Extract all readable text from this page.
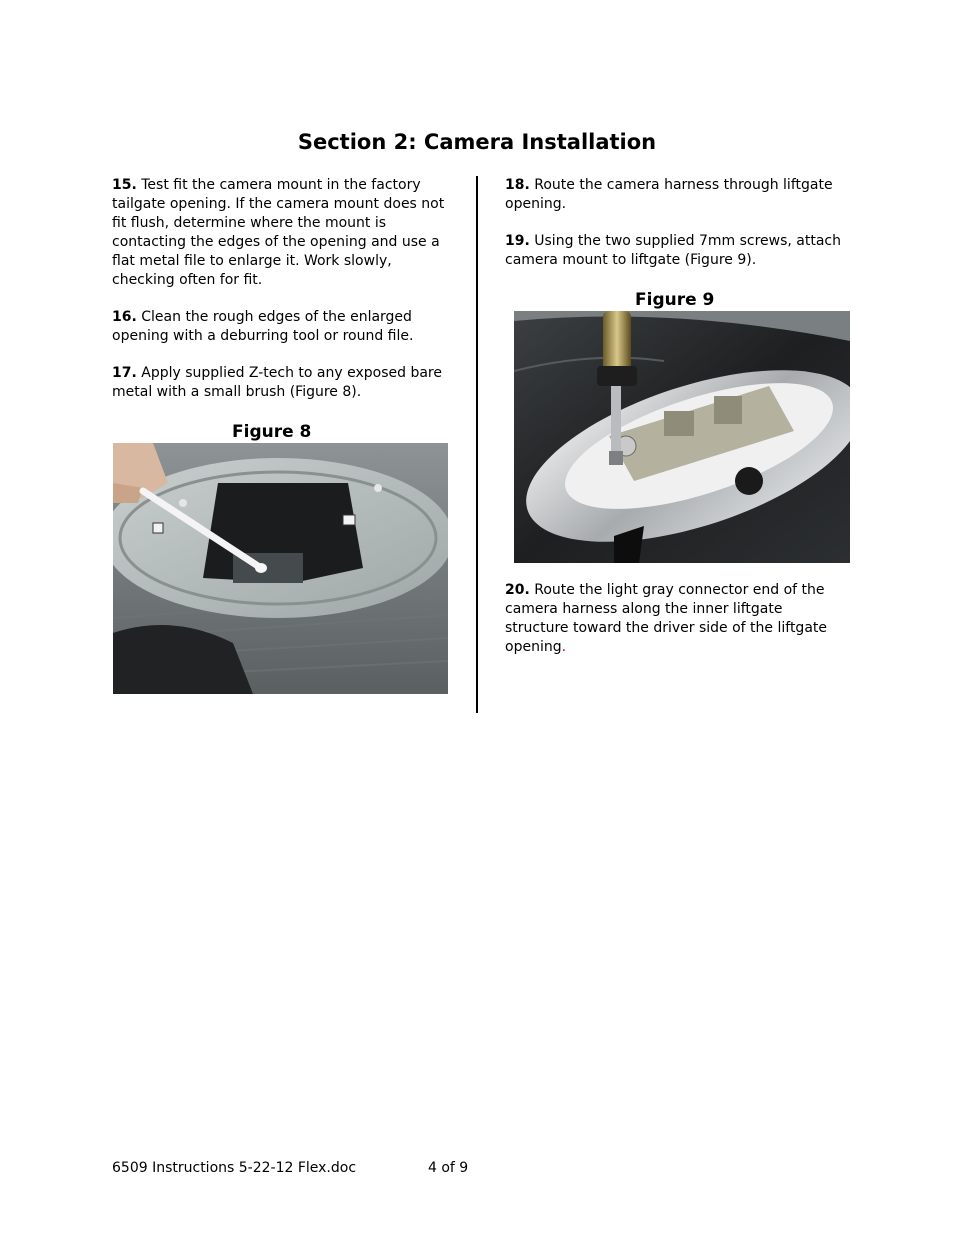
Section 2: Camera Installation

15. Test fit the camera mount in the factory tailgate opening. If the camera mount does not fit flush, determine where the mount is contacting the edges of the opening and use a flat metal file to enlarge it. Work slowly, checking often for fit.

16. Clean the rough edges of the enlarged opening with a deburring tool or round file.

17. Apply supplied Z-tech to any exposed bare metal with a small brush (Figure 8).

Figure 8

18. Route the camera harness through liftgate opening.

19. Using the two supplied 7mm screws, attach camera mount to liftgate (Figure 9).

Figure 9

20. Route the light gray connector end of the camera harness along the inner liftgate structure toward the driver side of the liftgate opening.

6509 Instructions 5-22-12 Flex.doc	4 of 9
